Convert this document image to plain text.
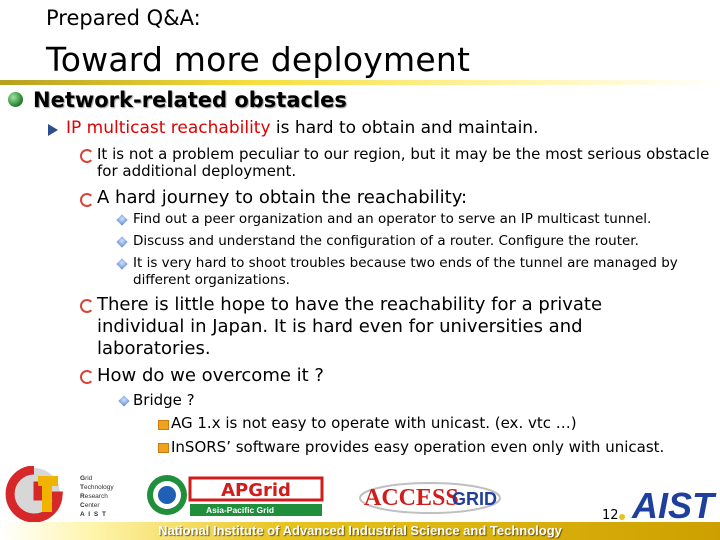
Prepared Q&A:
Toward more deployment
Network-related obstacles
IP multicast reachability is hard to obtain and maintain.
It is not a problem peculiar to our region, but it may be the most serious obstacle for additional deployment.
A hard journey to obtain the reachability:
Find out a peer organization and an operator to serve an IP multicast tunnel.
Discuss and understand the configuration of a router. Configure the router.
It is very hard to shoot troubles because two ends of the tunnel are managed by different organizations.
There is little hope to have the reachability for a private individual in Japan. It is hard even for universities and laboratories.
How do we overcome it ?
Bridge ?
AG 1.x is not easy to operate with unicast. (ex. vtc …)
InSORS’ software provides easy operation even only with unicast.
Grid
Technology
Research
Center
A I S T
APGrid
Asia-Pacific Grid	ACCESS
GRID	AIST
National Institute of Advanced Industrial Science and Technology
12
